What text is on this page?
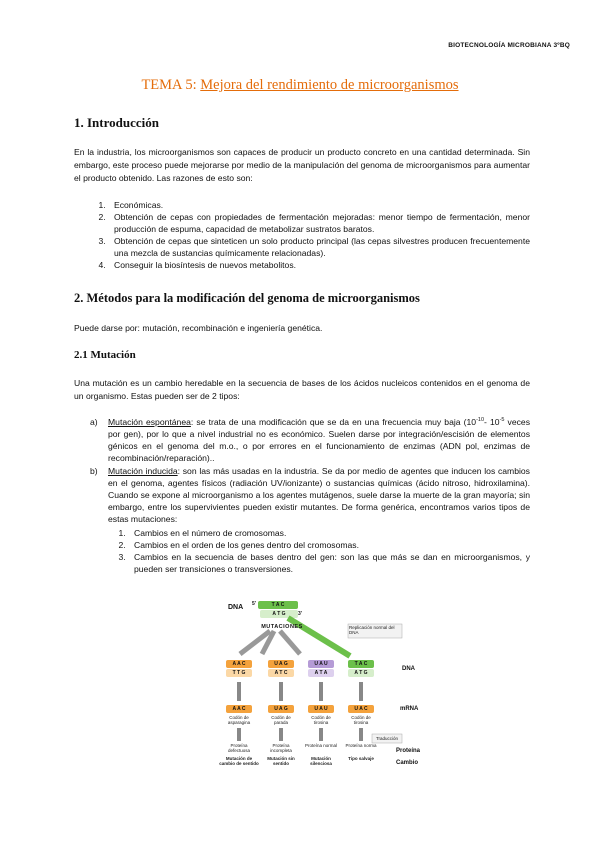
BIOTECNOLOGÍA MICROBIANA 3ºBQ
TEMA 5: Mejora del rendimiento de microorganismos
1. Introducción
En la industria, los microorganismos son capaces de producir un producto concreto en una cantidad determinada. Sin embargo, este proceso puede mejorarse por medio de la manipulación del genoma de microorganismos para aumentar el producto obtenido. Las razones de esto son:
1. Económicas.
2. Obtención de cepas con propiedades de fermentación mejoradas: menor tiempo de fermentación, menor producción de espuma, capacidad de metabolizar sustratos baratos.
3. Obtención de cepas que sinteticen un solo producto principal (las cepas silvestres producen frecuentemente una mezcla de sustancias químicamente relacionadas).
4. Conseguir la biosíntesis de nuevos metabolitos.
2. Métodos para la modificación del genoma de microorganismos
Puede darse por: mutación, recombinación e ingeniería genética.
2.1 Mutación
Una mutación es un cambio heredable en la secuencia de bases de los ácidos nucleicos contenidos en el genoma de un organismo. Estas pueden ser de 2 tipos:

a) Mutación espontánea: se trata de una modificación que se da en una frecuencia muy baja ($10^{-10}-$ $10^{-5}$ veces por gen), por lo que a nivel industrial no es económico. Suelen darse por integración/escisión de elementos génicos en el genoma del m.o., o por errores en el funcionamiento de enzimas (ADN pol, enzimas de recombinación/reparación)..

b) Mutación inducida: son las más usadas en la industria. Se da por medio de agentes que inducen los cambios en el genoma, agentes físicos (radiación UV/ionizante) o sustancias químicas (ácido nitroso, hidroxilamina). Cuando se expone al microorganismo a los agentes mutágenos, suele darse la muerte de la gran mayoría; sin embargo, entre los supervivientes pueden existir mutantes. De forma genérica, encontramos varios tipos de estas mutaciones:

1. Cambios en el número de cromosomas.
2. Cambios en el orden de los genes dentro del cromosomas.
3. Cambios en la secuencia de bases dentro del gen: son las que más se dan en microorganismos, y pueden ser transiciones o transversiones.
DNA 5'	T A C
A T G	3'
MUTACIONES	Replicación normal del DNA
DNA
mRNA
Proteína
Cambio
Traducción
A A C
T T G
A A C
Codón de asparagina
Proteína defectuosa
Mutación de cambio de sentido
U A G
A T C
U A G
Codón de parada
Proteína incompleta
Mutación sin sentido
U A U
A T A
U A U
Codón de tirosina
Proteína normal
Mutación silenciosa
T A C
A T G
U A C
Codón de tirosina
Proteína norma
Tipo salvaje
